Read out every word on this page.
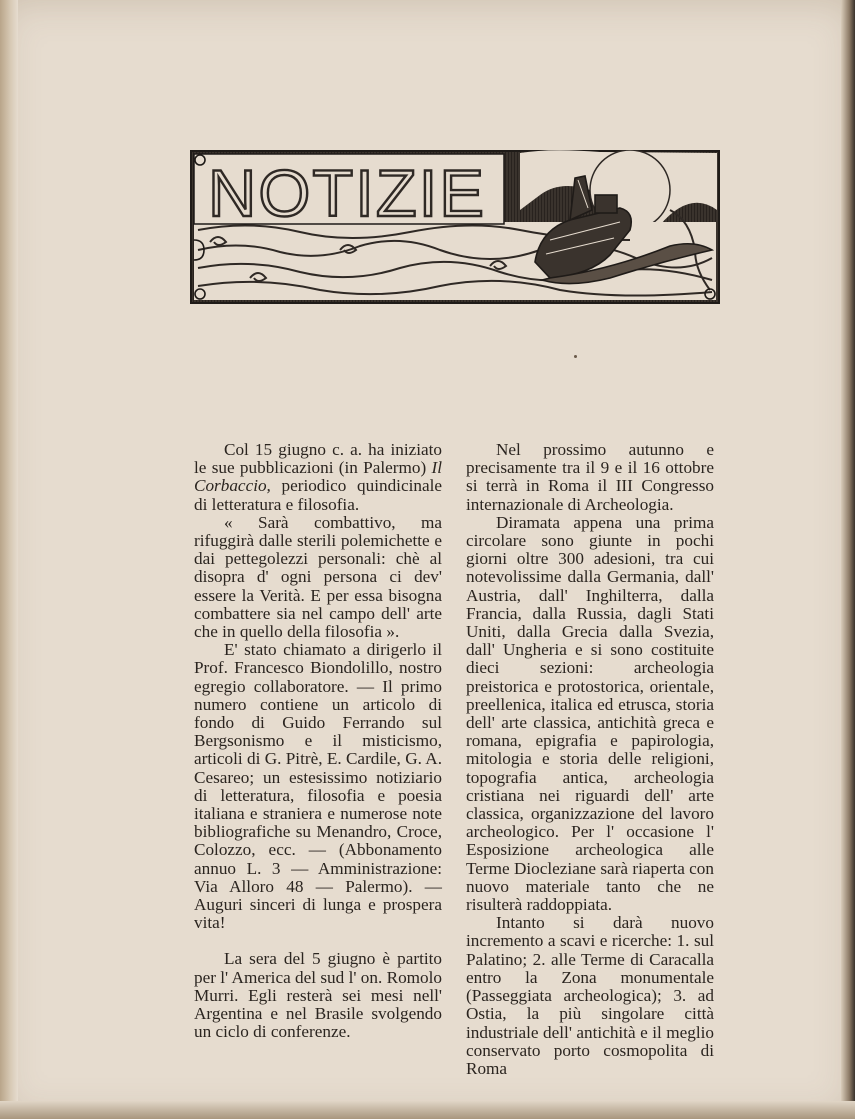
NOTIZIE

Col 15 giugno c. a. ha iniziato le sue pubblicazioni (in Palermo) Il Corbaccio, periodico quindicinale di letteratura e filosofia.

« Sarà combattivo, ma rifuggirà dalle sterili polemichette e dai pettegolezzi personali: chè al disopra d' ogni persona ci dev' essere la Verità. E per essa bisogna combattere sia nel campo dell' arte che in quello della filosofia ».

E' stato chiamato a dirigerlo il Prof. Francesco Biondolillo, nostro egregio collaboratore. — Il primo numero contiene un articolo di fondo di Guido Ferrando sul Bergsonismo e il misticismo, articoli di G. Pitrè, E. Cardile, G. A. Cesareo; un estesissimo notiziario di letteratura, filosofia e poesia italiana e straniera e numerose note bibliografiche su Menandro, Croce, Colozzo, ecc. — (Abbonamento annuo L. 3 — Amministrazione: Via Alloro 48 — Palermo). — Auguri sinceri di lunga e prospera vita!

La sera del 5 giugno è partito per l' America del sud l' on. Romolo Murri. Egli resterà sei mesi nell' Argentina e nel Brasile svolgendo un ciclo di conferenze.

Nel prossimo autunno e precisamente tra il 9 e il 16 ottobre si terrà in Roma il III Congresso internazionale di Archeologia.

Diramata appena una prima circolare sono giunte in pochi giorni oltre 300 adesioni, tra cui notevolissime dalla Germania, dall' Austria, dall' Inghilterra, dalla Francia, dalla Russia, dagli Stati Uniti, dalla Grecia dalla Svezia, dall' Ungheria e si sono costituite dieci sezioni: archeologia preistorica e protostorica, orientale, preellenica, italica ed etrusca, storia dell' arte classica, antichità greca e romana, epigrafia e papirologia, mitologia e storia delle religioni, topografia antica, archeologia cristiana nei riguardi dell' arte classica, organizzazione del lavoro archeologico. Per l' occasione l' Esposizione archeologica alle Terme Diocleziane sarà riaperta con nuovo materiale tanto che ne risulterà raddoppiata.

Intanto si darà nuovo incremento a scavi e ricerche: 1. sul Palatino; 2. alle Terme di Caracalla entro la Zona monumentale (Passeggiata archeologica); 3. ad Ostia, la più singolare città industriale dell' antichità e il meglio conservato porto cosmopolita di Roma
